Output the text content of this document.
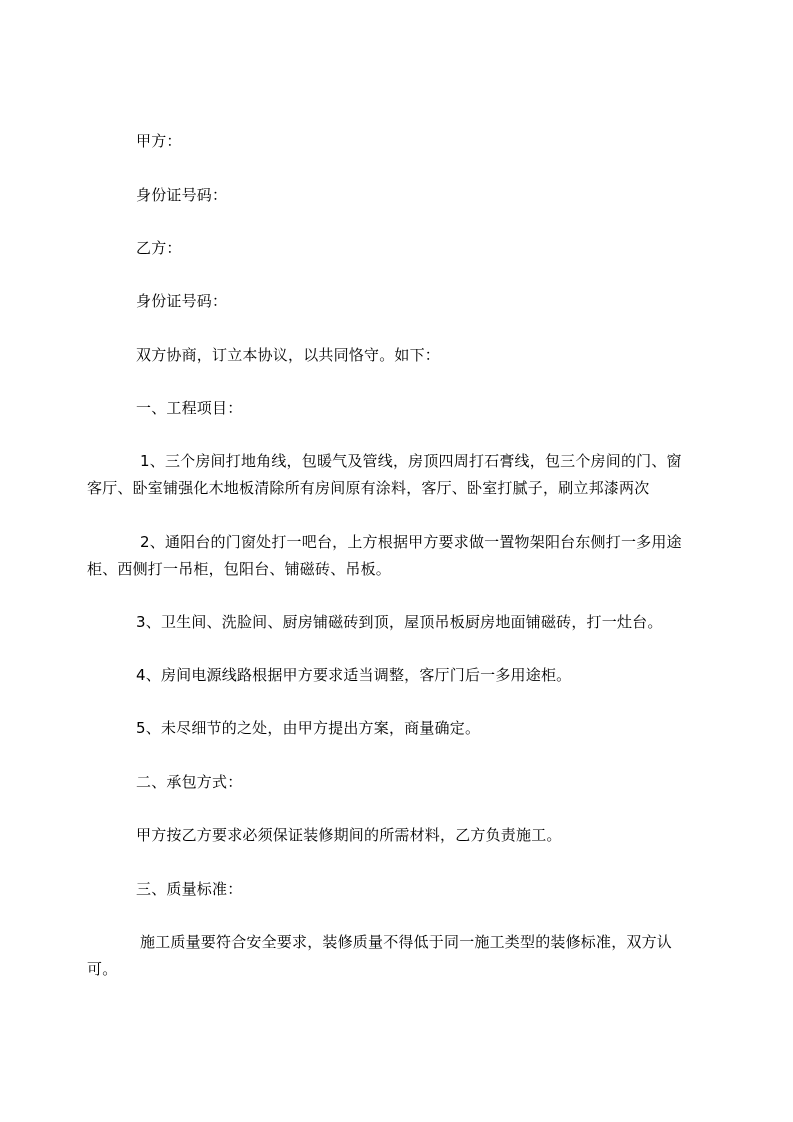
甲方：
身份证号码：
乙方：
身份证号码：
双方协商，订立本协议，以共同恪守。如下：
一、工程项目：
1、三个房间打地角线，包暖气及管线，房顶四周打石膏线，包三个房间的门、窗
客厅、卧室铺强化木地板清除所有房间原有涂料，客厅、卧室打腻子，刷立邦漆两次
2、通阳台的门窗处打一吧台，上方根据甲方要求做一置物架阳台东侧打一多用途
柜、西侧打一吊柜，包阳台、铺磁砖、吊板。
3、卫生间、洗脸间、厨房铺磁砖到顶，屋顶吊板厨房地面铺磁砖，打一灶台。
4、房间电源线路根据甲方要求适当调整，客厅门后一多用途柜。
5、未尽细节的之处，由甲方提出方案，商量确定。
二、承包方式：
甲方按乙方要求必须保证装修期间的所需材料，乙方负责施工。
三、质量标准：
施工质量要符合安全要求，装修质量不得低于同一施工类型的装修标准，双方认
可。
